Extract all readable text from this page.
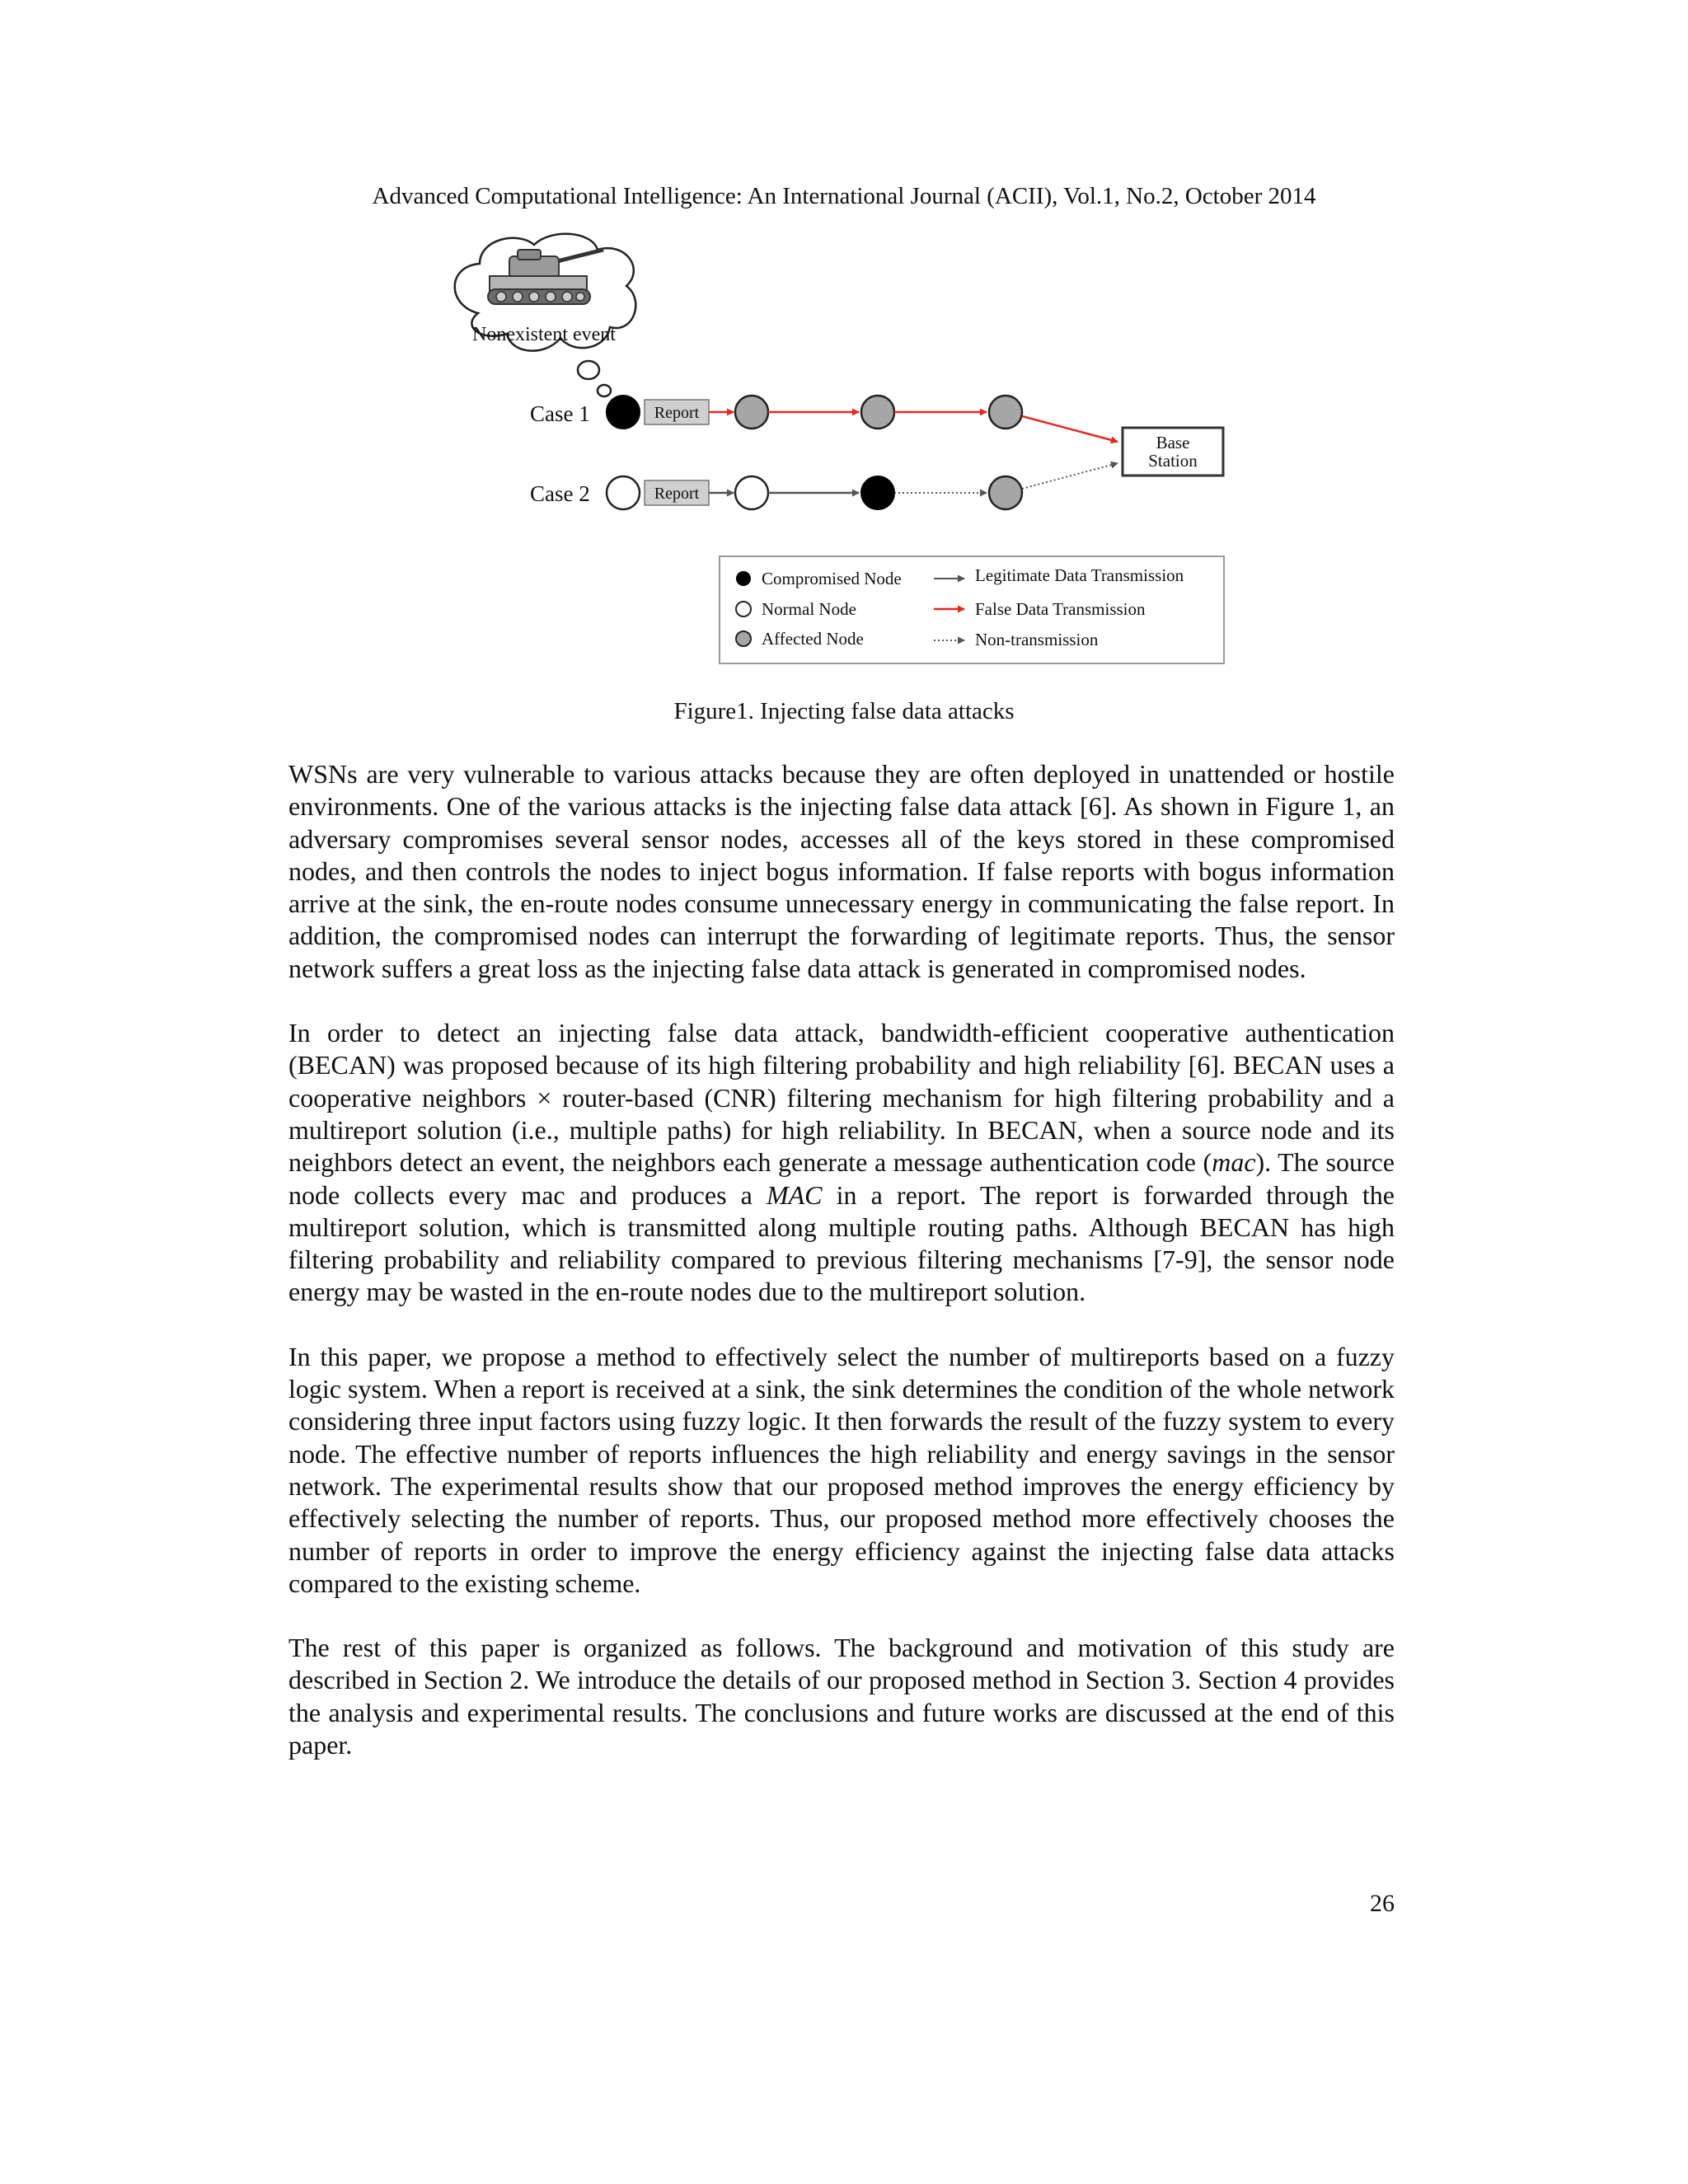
Advanced Computational Intelligence: An International Journal (ACII), Vol.1, No.2, October 2014
Nonexistent event
Case 1
Case 2
Report
Report
Base
Station
Compromised Node
Normal Node
Affected Node
Legitimate Data Transmission
False Data Transmission
Non-transmission
Figure1. Injecting false data attacks

WSNs are very vulnerable to various attacks because they are often deployed in unattended or hostile environments. One of the various attacks is the injecting false data attack [6]. As shown in Figure 1, an adversary compromises several sensor nodes, accesses all of the keys stored in these compromised nodes, and then controls the nodes to inject bogus information. If false reports with bogus information arrive at the sink, the en-route nodes consume unnecessary energy in communicating the false report. In addition, the compromised nodes can interrupt the forwarding of legitimate reports. Thus, the sensor network suffers a great loss as the injecting false data attack is generated in compromised nodes.

In order to detect an injecting false data attack, bandwidth-efficient cooperative authentication (BECAN) was proposed because of its high filtering probability and high reliability [6]. BECAN uses a cooperative neighbors × router-based (CNR) filtering mechanism for high filtering probability and a multireport solution (i.e., multiple paths) for high reliability. In BECAN, when a source node and its neighbors detect an event, the neighbors each generate a message authentication code (mac). The source node collects every mac and produces a MAC in a report. The report is forwarded through the multireport solution, which is transmitted along multiple routing paths. Although BECAN has high filtering probability and reliability compared to previous filtering mechanisms [7-9], the sensor node energy may be wasted in the en-route nodes due to the multireport solution.

In this paper, we propose a method to effectively select the number of multireports based on a fuzzy logic system. When a report is received at a sink, the sink determines the condition of the whole network considering three input factors using fuzzy logic. It then forwards the result of the fuzzy system to every node. The effective number of reports influences the high reliability and energy savings in the sensor network. The experimental results show that our proposed method improves the energy efficiency by effectively selecting the number of reports. Thus, our proposed method more effectively chooses the number of reports in order to improve the energy efficiency against the injecting false data attacks compared to the existing scheme.

The rest of this paper is organized as follows. The background and motivation of this study are described in Section 2. We introduce the details of our proposed method in Section 3. Section 4 provides the analysis and experimental results. The conclusions and future works are discussed at the end of this paper.

26
